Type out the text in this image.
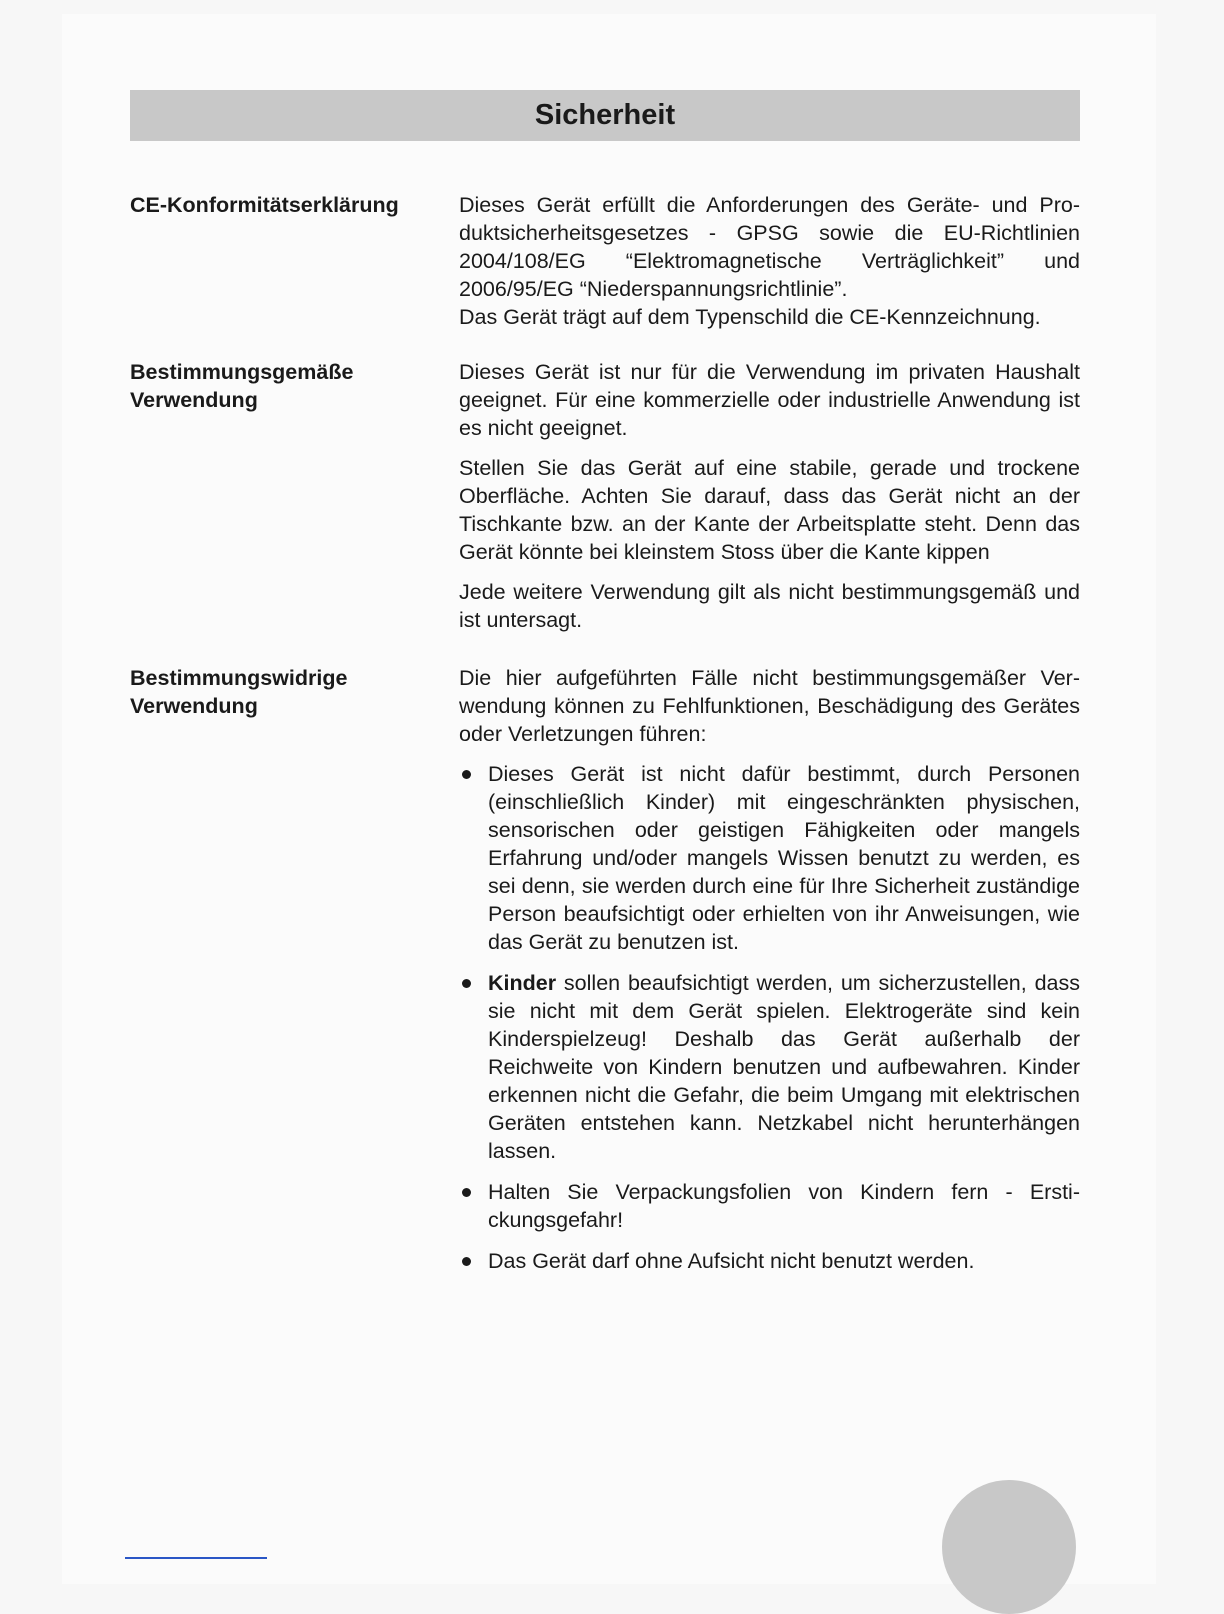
Sicherheit
CE-Konformitätserklärung	Dieses Gerät erfüllt die Anforderungen des Geräte- und Produktsicherheitsgesetzes - GPSG sowie die EU-Richtlinien 2004/108/EG “Elektromagnetische Verträglichkeit” und 2006/95/EG “Niederspannungsrichtlinie”.

Das Gerät trägt auf dem Typenschild die CE-Kennzeichnung.

Bestimmungsgemäße
Verwendung

Dieses Gerät ist nur für die Verwendung im privaten Haushalt geeignet. Für eine kommerzielle oder industrielle Anwendung ist es nicht geeignet.

Stellen Sie das Gerät auf eine stabile, gerade und trockene Oberfläche. Achten Sie darauf, dass das Gerät nicht an der Tischkante bzw. an der Kante der Arbeitsplatte steht. Denn das Gerät könnte bei kleinstem Stoss über die Kante kippen

Jede weitere Verwendung gilt als nicht bestimmungsgemäß und ist untersagt.

Bestimmungswidrige
Verwendung

Die hier aufgeführten Fälle nicht bestimmungsgemäßer Verwendung können zu Fehlfunktionen, Beschädigung des Gerätes oder Verletzungen führen:

Dieses Gerät ist nicht dafür bestimmt, durch Personen (einschließlich Kinder) mit eingeschränkten physischen, sensorischen oder geistigen Fähigkeiten oder mangels Erfahrung und/oder mangels Wissen benutzt zu werden, es sei denn, sie werden durch eine für Ihre Sicherheit zuständige Person beaufsichtigt oder erhielten von ihr Anweisungen, wie das Gerät zu benutzen ist.
Kinder sollen beaufsichtigt werden, um sicherzustellen, dass sie nicht mit dem Gerät spielen. Elektrogeräte sind kein Kinderspielzeug! Deshalb das Gerät außerhalb der Reichweite von Kindern benutzen und aufbewahren. Kinder erkennen nicht die Gefahr, die beim Umgang mit elektrischen Geräten entstehen kann. Netzkabel nicht herunterhängen lassen.
Halten Sie Verpackungsfolien von Kindern fern - Erstickungsgefahr!
Das Gerät darf ohne Aufsicht nicht benutzt werden.
